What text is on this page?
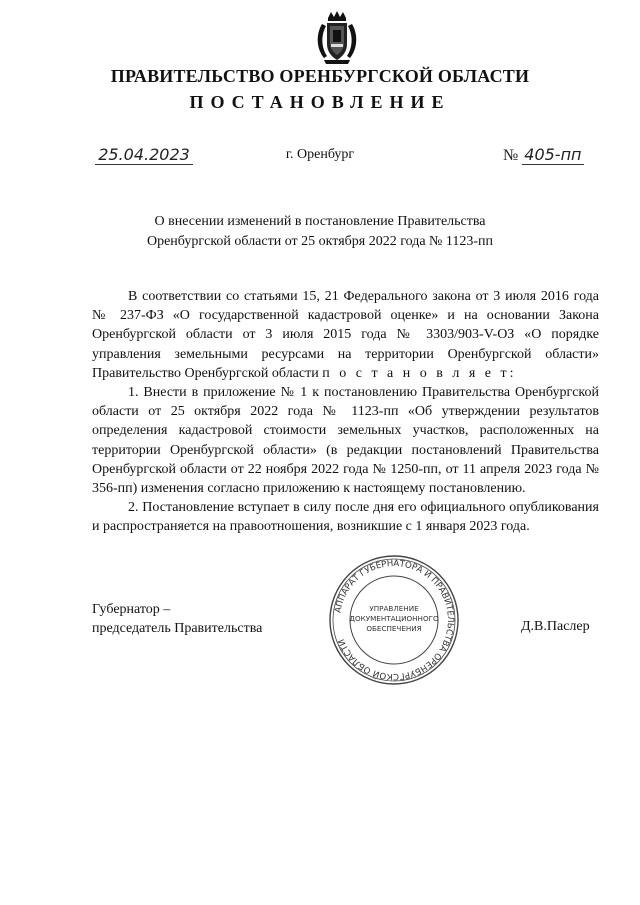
ПРАВИТЕЛЬСТВО ОРЕНБУРГСКОЙ ОБЛАСТИ
ПОСТАНОВЛЕНИЕ
25.04.2023	г. Оренбург	№ 405-пп
О внесении изменений в постановление Правительства
Оренбургской области от 25 октября 2022 года № 1123-пп

В соответствии со статьями 15, 21 Федерального закона от 3 июля 2016 года № 237-ФЗ «О государственной кадастровой оценке» и на основании Закона Оренбургской области от 3 июля 2015 года № 3303/903-V-ОЗ «О порядке управления земельными ресурсами на территории Оренбургской области» Правительство Оренбургской области п о с т а н о в л я е т:

1. Внести в приложение № 1 к постановлению Правительства Оренбургской области от 25 октября 2022 года № 1123-пп «Об утверждении результатов определения кадастровой стоимости земельных участков, расположенных на территории Оренбургской области» (в редакции постановлений Правительства Оренбургской области от 22 ноября 2022 года № 1250-пп, от 11 апреля 2023 года № 356-пп) изменения согласно приложению к настоящему постановлению.

2. Постановление вступает в силу после дня его официального опубликования и распространяется на правоотношения, возникшие с 1 января 2023 года.

Губернатор –
председатель Правительства
АППАРАТ ГУБЕРНАТОРА И ПРАВИТЕЛЬСТВА ОРЕНБУРГСКОЙ ОБЛАСТИ
УПРАВЛЕНИЕ
ДОКУМЕНТАЦИОННОГО
ОБЕСПЕЧЕНИЯ	Д.В.Паслер
